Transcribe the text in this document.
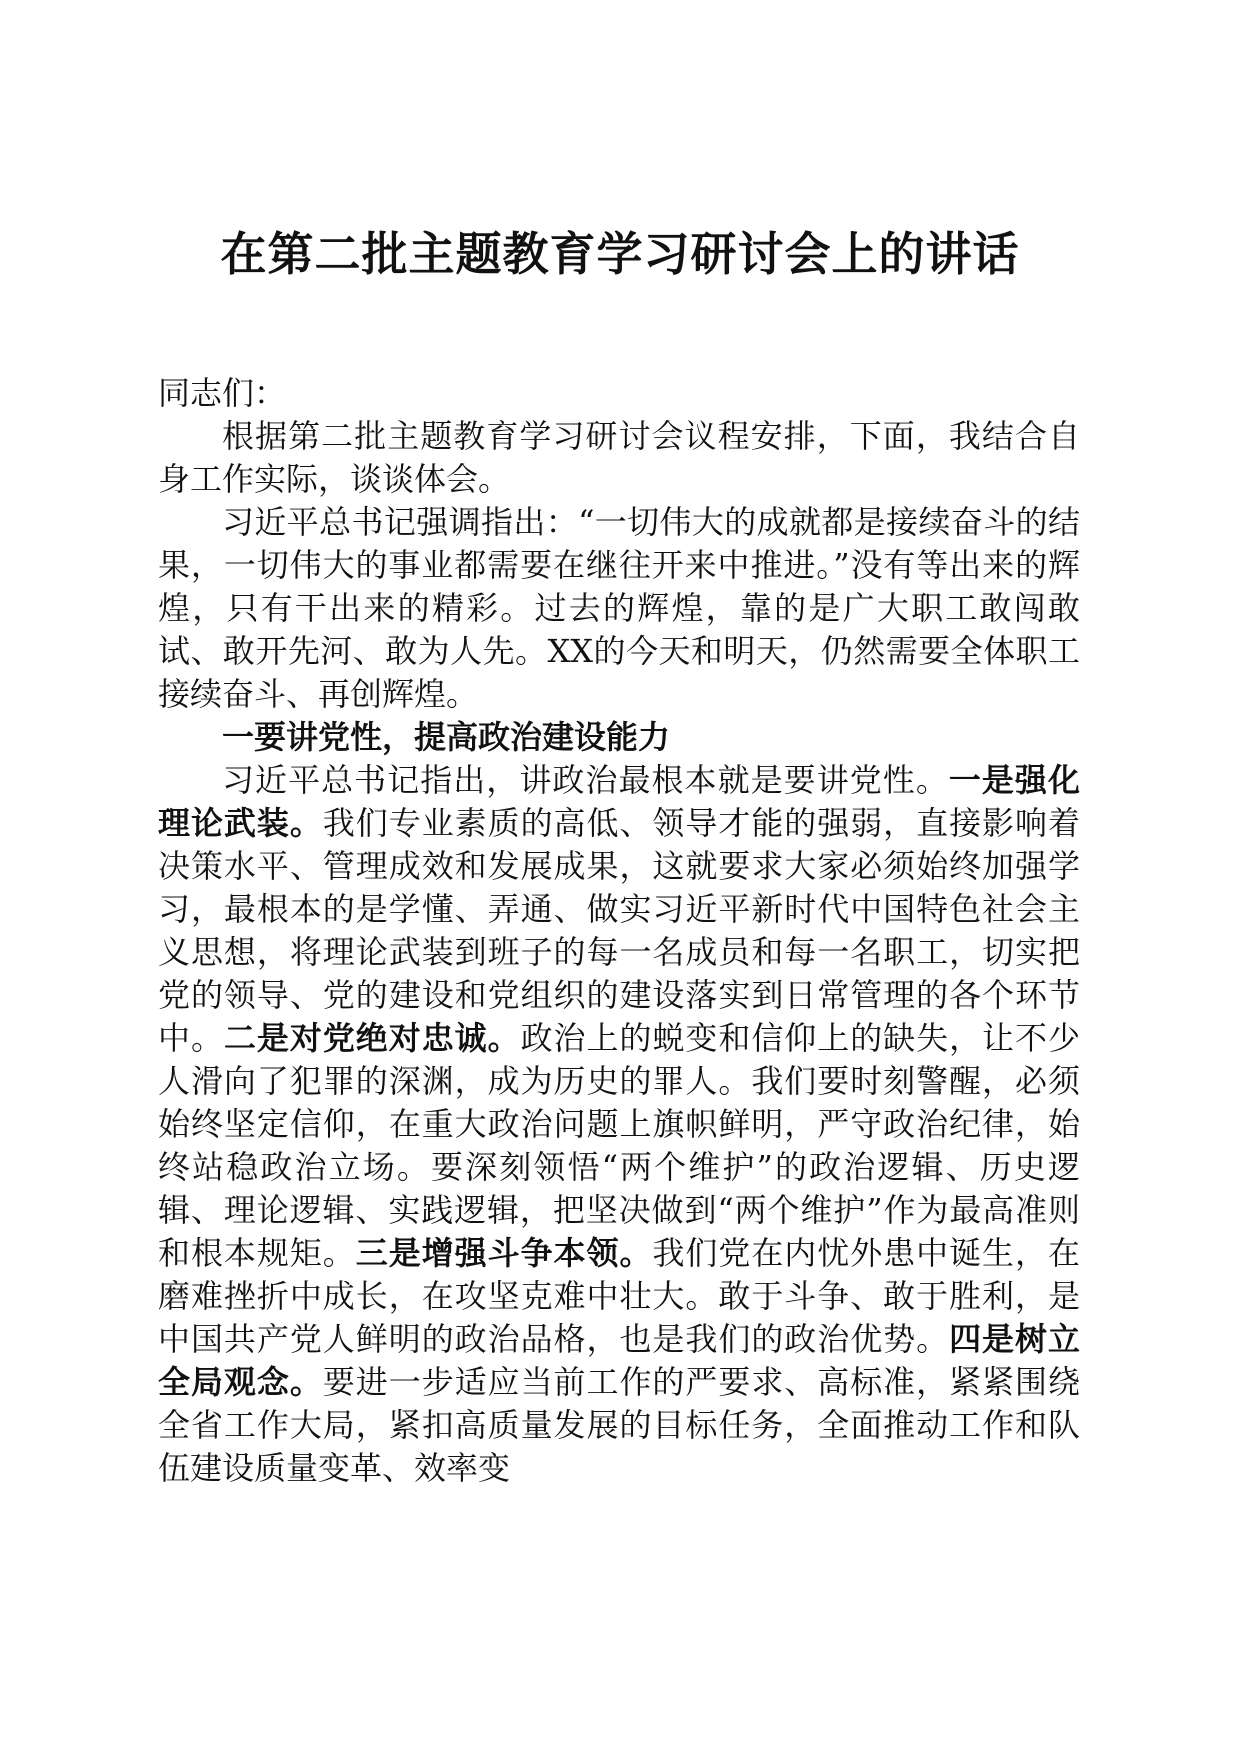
在第二批主题教育学习研讨会上的讲话

同志们：

根据第二批主题教育学习研讨会议程安排，下面，我结合自身工作实际，谈谈体会。

习近平总书记强调指出：“一切伟大的成就都是接续奋斗的结果，一切伟大的事业都需要在继往开来中推进。”没有等出来的辉煌，只有干出来的精彩。过去的辉煌，靠的是广大职工敢闯敢试、敢开先河、敢为人先。XX的今天和明天，仍然需要全体职工接续奋斗、再创辉煌。

一要讲党性，提高政治建设能力

习近平总书记指出，讲政治最根本就是要讲党性。一是强化理论武装。我们专业素质的高低、领导才能的强弱，直接影响着决策水平、管理成效和发展成果，这就要求大家必须始终加强学习，最根本的是学懂、弄通、做实习近平新时代中国特色社会主义思想，将理论武装到班子的每一名成员和每一名职工，切实把党的领导、党的建设和党组织的建设落实到日常管理的各个环节中。二是对党绝对忠诚。政治上的蜕变和信仰上的缺失，让不少人滑向了犯罪的深渊，成为历史的罪人。我们要时刻警醒，必须始终坚定信仰，在重大政治问题上旗帜鲜明，严守政治纪律，始终站稳政治立场。要深刻领悟“两个维护”的政治逻辑、历史逻辑、理论逻辑、实践逻辑，把坚决做到“两个维护”作为最高准则和根本规矩。三是增强斗争本领。我们党在内忧外患中诞生，在磨难挫折中成长，在攻坚克难中壮大。敢于斗争、敢于胜利，是中国共产党人鲜明的政治品格，也是我们的政治优势。四是树立全局观念。要进一步适应当前工作的严要求、高标准，紧紧围绕全省工作大局，紧扣高质量发展的目标任务，全面推动工作和队伍建设质量变革、效率变
